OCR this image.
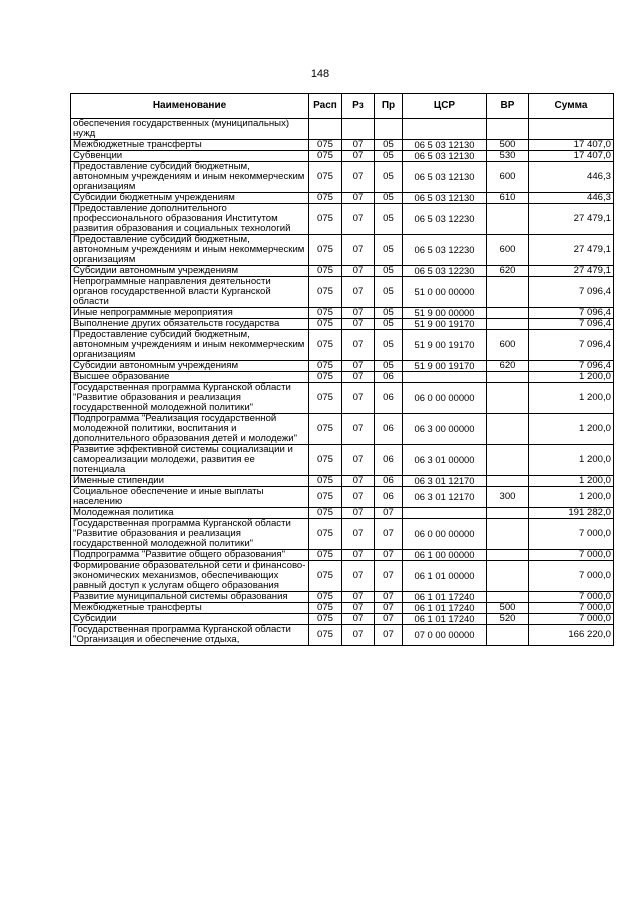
148
Наименование	Расп	Рз	Пр	ЦСР	ВР	Сумма
обеспечения государственных (муниципальных) нужд						
Межбюджетные трансферты	075	07	05	06 5 03 12130	500	17 407,0
Субвенции	075	07	05	06 5 03 12130	530	17 407,0
Предоставление субсидий бюджетным, автономным учреждениям и иным некоммерческим организациям	075	07	05	06 5 03 12130	600	446,3
Субсидии бюджетным учреждениям	075	07	05	06 5 03 12130	610	446,3
Предоставление дополнительного профессионального образования Институтом развития образования и социальных технологий	075	07	05	06 5 03 12230		27 479,1
Предоставление субсидий бюджетным, автономным учреждениям и иным некоммерческим организациям	075	07	05	06 5 03 12230	600	27 479,1
Субсидии автономным учреждениям	075	07	05	06 5 03 12230	620	27 479,1
Непрограммные направления деятельности органов государственной власти Курганской области	075	07	05	51 0 00 00000		7 096,4
Иные непрограммные мероприятия	075	07	05	51 9 00 00000		7 096,4
Выполнение других обязательств государства	075	07	05	51 9 00 19170		7 096,4
Предоставление субсидий бюджетным, автономным учреждениям и иным некоммерческим организациям	075	07	05	51 9 00 19170	600	7 096,4
Субсидии автономным учреждениям	075	07	05	51 9 00 19170	620	7 096,4
Высшее образование	075	07	06			1 200,0
Государственная программа Курганской области "Развитие образования и реализация государственной молодежной политики"	075	07	06	06 0 00 00000		1 200,0
Подпрограмма "Реализация государственной молодежной политики, воспитания и дополнительного образования детей и молодежи"	075	07	06	06 3 00 00000		1 200,0
Развитие эффективной системы социализации и самореализации молодежи, развития ее потенциала	075	07	06	06 3 01 00000		1 200,0
Именные стипендии	075	07	06	06 3 01 12170		1 200,0
Социальное обеспечение и иные выплаты населению	075	07	06	06 3 01 12170	300	1 200,0
Молодежная политика	075	07	07			191 282,0
Государственная программа Курганской области "Развитие образования и реализация государственной молодежной политики"	075	07	07	06 0 00 00000		7 000,0
Подпрограмма "Развитие общего образования"	075	07	07	06 1 00 00000		7 000,0
Формирование образовательной сети и финансово-экономических механизмов, обеспечивающих равный доступ к услугам общего образования	075	07	07	06 1 01 00000		7 000,0
Развитие муниципальной системы образования	075	07	07	06 1 01 17240		7 000,0
Межбюджетные трансферты	075	07	07	06 1 01 17240	500	7 000,0
Субсидии	075	07	07	06 1 01 17240	520	7 000,0
Государственная программа Курганской области "Организация и обеспечение отдыха,	075	07	07	07 0 00 00000		166 220,0
